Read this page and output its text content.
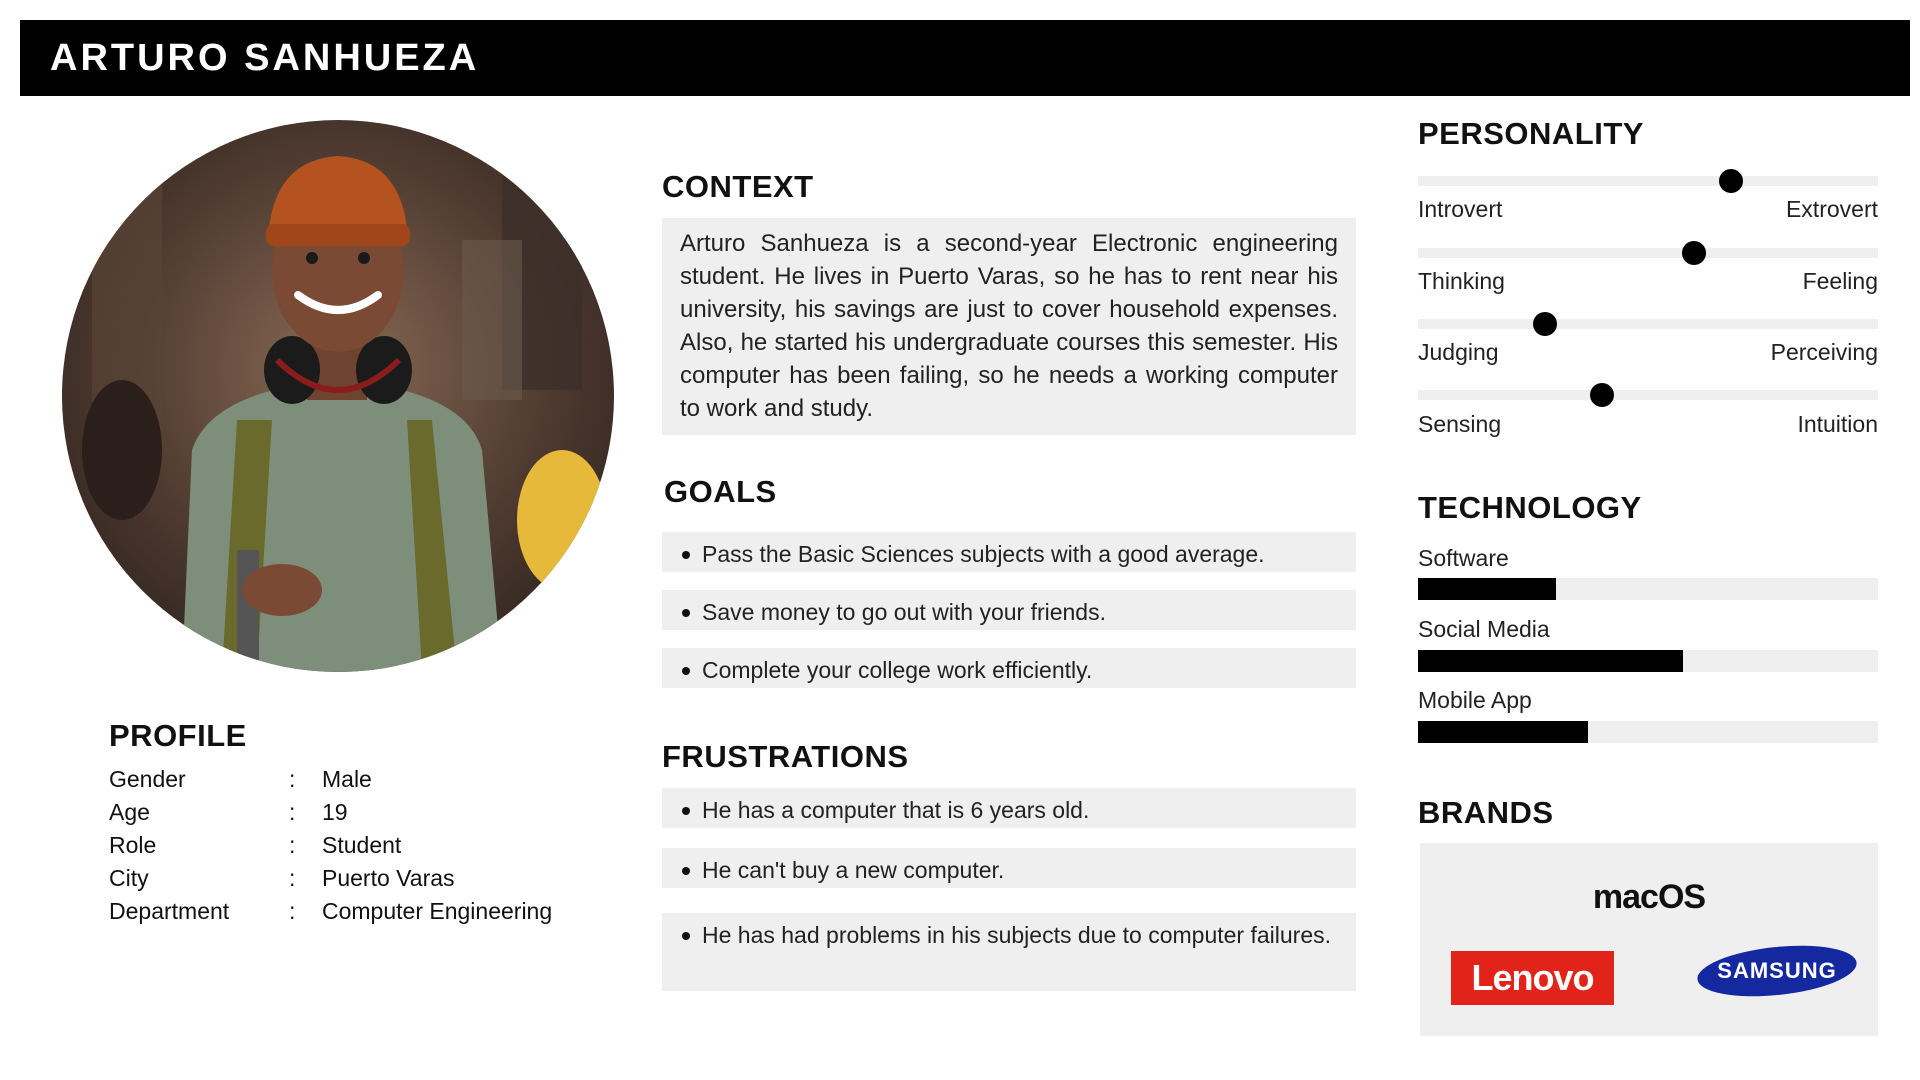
ARTURO SANHUEZA
PROFILE
Gender	: Male
Age	: 19
Role	: Student
City	: Puerto Varas
Department	: Computer Engineering
CONTEXT
Arturo Sanhueza is a second-year Electronic engineering student. He lives in Puerto Varas, so he has to rent near his university, his savings are just to cover household expenses. Also, he started his undergraduate courses this semester. His computer has been failing, so he needs a working computer to work and study.
GOALS
Pass the Basic Sciences subjects with a good average.
Save money to go out with your friends.
Complete your college work efficiently.
FRUSTRATIONS
He has a computer that is 6 years old.
He can't buy a new computer.
He has had problems in his subjects due to computer failures.
PERSONALITY
Introvert	Extrovert
Thinking	Feeling
Judging	Perceiving
Sensing	Intuition
TECHNOLOGY
Software
Social Media
Mobile App
BRANDS
macOS
Lenovo	SAMSUNG
